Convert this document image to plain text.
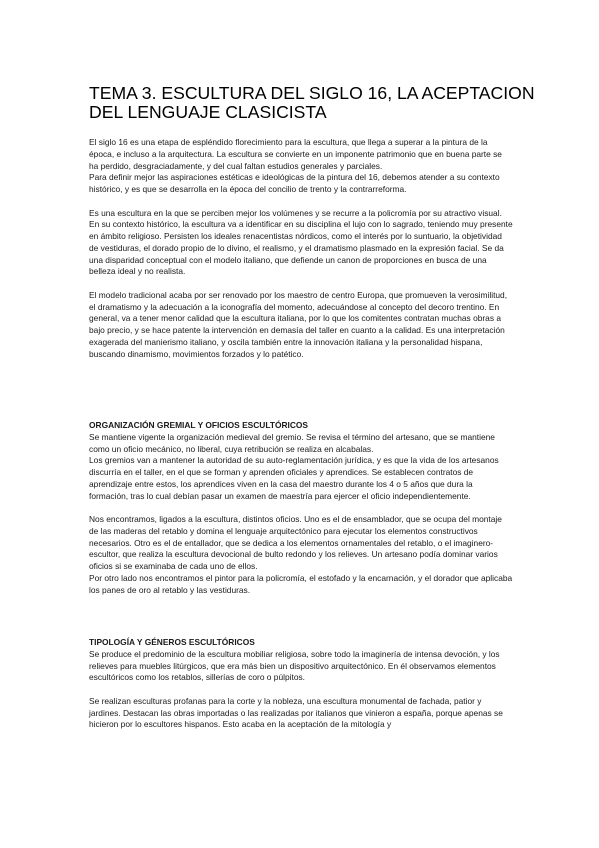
TEMA 3. ESCULTURA DEL SIGLO 16, LA ACEPTACION
DEL LENGUAJE CLASICISTA

El siglo 16 es una etapa de espléndido florecimiento para la escultura, que llega a superar a la pintura de la época, e incluso a la arquitectura. La escultura se convierte en un imponente patrimonio que en buena parte se ha perdido, desgraciadamente, y del cual faltan estudios generales y parciales.

Para definir mejor las aspiraciones estéticas e ideológicas de la pintura del 16, debemos atender a su contexto histórico, y es que se desarrolla en la época del concilio de trento y la contrarreforma.

Es una escultura en la que se perciben mejor los volúmenes y se recurre a la policromía por su atractivo visual. En su contexto histórico, la escultura va a identificar en su disciplina el lujo con lo sagrado, teniendo muy presente en ámbito religioso. Persisten los ideales renacentistas nórdicos, como el interés por lo suntuario, la objetividad de vestiduras, el dorado propio de lo divino, el realismo, y el dramatismo plasmado en la expresión facial. Se da una disparidad conceptual con el modelo italiano, que defiende un canon de proporciones en busca de una belleza ideal y no realista.

El modelo tradicional acaba por ser renovado por los maestro de centro Europa, que promueven la verosimilitud, el dramatismo y la adecuación a la iconografía del momento, adecuándose al concepto del decoro trentino. En general, va a tener menor calidad que la escultura italiana, por lo que los comitentes contratan muchas obras a bajo precio, y se hace patente la intervención en demasía del taller en cuanto a la calidad. Es una interpretación exagerada del manierismo italiano, y oscila también entre la innovación italiana y la personalidad hispana, buscando dinamismo, movimientos forzados y lo patético.

ORGANIZACIÓN GREMIAL Y OFICIOS ESCULTÓRICOS

Se mantiene vigente la organización medieval del gremio. Se revisa el término del artesano, que se mantiene como un oficio mecánico, no liberal, cuya retribución se realiza en alcabalas.

Los gremios van a mantener la autoridad de su auto-reglamentación jurídica, y es que la vida de los artesanos discurría en el taller, en el que se forman y aprenden oficiales y aprendices. Se establecen contratos de aprendizaje entre estos, los aprendices viven en la casa del maestro durante los 4 o 5 años que dura la formación, tras lo cual debían pasar un examen de maestría para ejercer el oficio independientemente.

Nos encontramos, ligados a la escultura, distintos oficios. Uno es el de ensamblador, que se ocupa del montaje de las maderas del retablo y domina el lenguaje arquitectónico para ejecutar los elementos constructivos necesarios. Otro es el de entallador, que se dedica a los elementos ornamentales del retablo, o el imaginero-escultor, que realiza la escultura devocional de bulto redondo y los relieves. Un artesano podía dominar varios oficios si se examinaba de cada uno de ellos.

Por otro lado nos encontramos el pintor para la policromía, el estofado y la encarnación, y el dorador que aplicaba los panes de oro al retablo y las vestiduras.

TIPOLOGÍA Y GÉNEROS ESCULTÓRICOS

Se produce el predominio de la escultura mobiliar religiosa, sobre todo la imaginería de intensa devoción, y los relieves para muebles litúrgicos, que era más bien un dispositivo arquitectónico. En él observamos elementos escultóricos como los retablos, sillerías de coro o púlpitos.

Se realizan esculturas profanas para la corte y la nobleza, una escultura monumental de fachada, patior y jardines. Destacan las obras importadas o las realizadas por italianos que vinieron a españa, porque apenas se hicieron por lo escultores hispanos. Esto acaba en la aceptación de la mitología y
